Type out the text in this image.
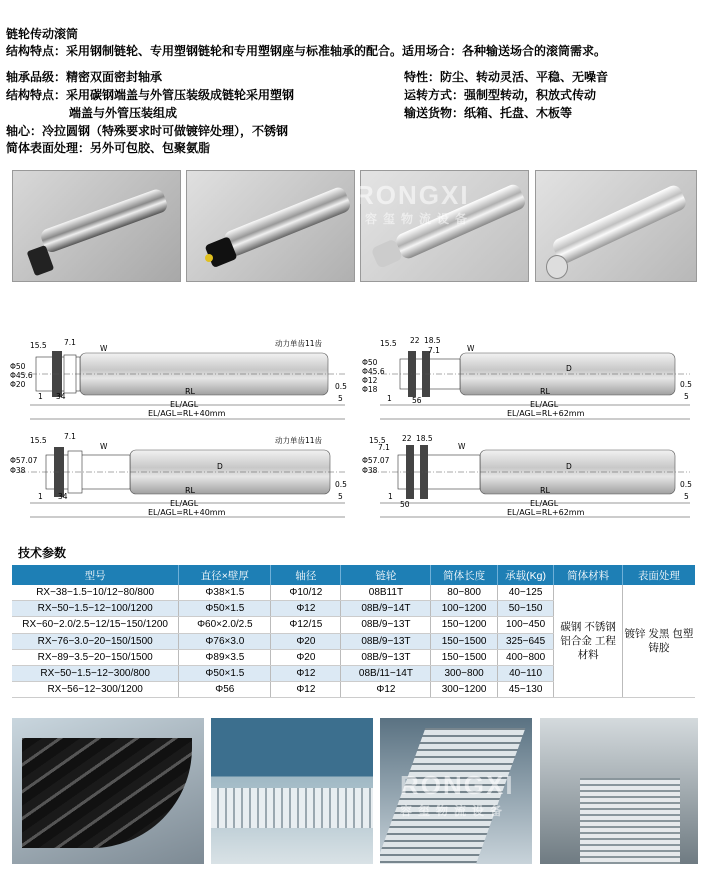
链轮传动滚筒
结构特点：采用钢制链轮、专用塑钢链轮和专用塑钢座与标准轴承的配合。适用场合：各种输送场合的滚筒需求。
轴承品级：精密双面密封轴承
结构特点：采用碳钢端盖与外管压装级成链轮采用塑钢
端盖与外管压装组成
轴心：冷拉圆钢（特殊要求时可做镀锌处理），不锈钢
简体表面处理：另外可包胶、包聚氨脂
特性：防尘、转动灵活、平稳、无噪音
运转方式：强制型转动，积放式传动
输送货物：纸箱、托盘、木板等
RONGXI
容玺物流设备
动力单齿11齿
15.5 7.1
W
Φ50
Φ45.6
Φ20
1 34
0.5
5
RL
EL/AGL
EL/AGL=RL+40mm
15.5 22 18.5
7.1	W
D
Φ50
Φ45.6
Φ12
Φ18
1	56
0.5
5
RL
EL/AGL
EL/AGL=RL+62mm
动力单齿11齿
15.5 7.1
W
D
Φ57.07
Φ38
1 34
0.5
5
RL
EL/AGL
EL/AGL=RL+40mm
15.5 22 18.5
7.1	W
D
Φ57.07
Φ38
1
50
0.5
5
RL
EL/AGL
EL/AGL=RL+62mm
技术参数
型号	直径×壁厚	轴径	链轮	简体长度	承载(Kg)	简体材料	表面处理
RX−38−1.5−10/12−80/800	Φ38×1.5	Φ10/12	08B11T	80−800	40−125	碳钢 不锈钢 铝合金 工程 材料	镀锌 发黑 包塑 铸胶
RX−50−1.5−12−100/1200	Φ50×1.5	Φ12	08B/9−14T	100−1200	50−150		
RX−60−2.0/2.5−12/15−150/1200	Φ60×2.0/2.5	Φ12/15	08B/9−13T	150−1200	100−450		
RX−76−3.0−20−150/1500	Φ76×3.0	Φ20	08B/9−13T	150−1500	325−645		
RX−89−3.5−20−150/1500	Φ89×3.5	Φ20	08B/9−13T	150−1500	400−800		
RX−50−1.5−12−300/800	Φ50×1.5	Φ12	08B/11−14T	300−800	40−110		
RX−56−12−300/1200	Φ56	Φ12	Φ12	300−1200	45−130		
RONGXI
容玺物流设备
